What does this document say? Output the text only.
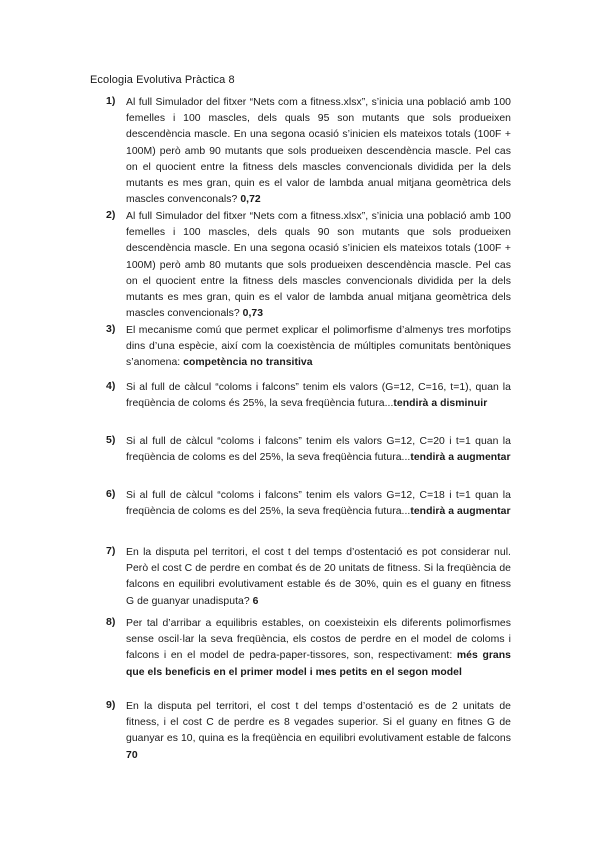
Ecologia Evolutiva Pràctica 8
1) Al full Simulador del fitxer “Nets com a fitness.xlsx”, s’inicia una població amb 100 femelles i 100 mascles, dels quals 95 son mutants que sols produeixen descendència mascle. En una segona ocasió s’inicien els mateixos totals (100F + 100M) però amb 90 mutants que sols produeixen descendència mascle. Pel cas on el quocient entre la fitness dels mascles convencionals dividida per la dels mutants es mes gran, quin es el valor de lambda anual mitjana geomètrica dels mascles convenconals? 0,72
2) Al full Simulador del fitxer “Nets com a fitness.xlsx”, s’inicia una població amb 100 femelles i 100 mascles, dels quals 90 son mutants que sols produeixen descendència mascle. En una segona ocasió s’inicien els mateixos totals (100F + 100M) però amb 80 mutants que sols produeixen descendència mascle. Pel cas on el quocient entre la fitness dels mascles convencionals dividida per la dels mutants es mes gran, quin es el valor de lambda anual mitjana geomètrica dels mascles convencionals? 0,73
3) El mecanisme comú que permet explicar el polimorfisme d’almenys tres morfotips dins d’una espècie, així com la coexistència de múltiples comunitats bentòniques s’anomena: competència no transitiva
4) Si al full de càlcul “coloms i falcons” tenim els valors (G=12, C=16, t=1), quan la freqüència de coloms és 25%, la seva freqüència futura...tendirà a disminuir
5) Si al full de càlcul “coloms i falcons” tenim els valors G=12, C=20 i t=1 quan la freqüència de coloms es del 25%, la seva freqüència futura...tendirà a augmentar
6) Si al full de càlcul “coloms i falcons” tenim els valors G=12, C=18 i t=1 quan la freqüència de coloms es del 25%, la seva freqüència futura...tendirà a augmentar
7) En la disputa pel territori, el cost t del temps d’ostentació es pot considerar nul. Però el cost C de perdre en combat és de 20 unitats de fitness. Si la freqüència de falcons en equilibri evolutivament estable és de 30%, quin es el guany en fitness G de guanyar unadisputa? 6
8) Per tal d’arribar a equilibris estables, on coexisteixin els diferents polimorfismes sense oscil·lar la seva freqüència, els costos de perdre en el model de coloms i falcons i en el model de pedra-paper-tissores, son, respectivament: més grans que els beneficis en el primer model i mes petits en el segon model
9) En la disputa pel territori, el cost t del temps d’ostentació es de 2 unitats de fitness, i el cost C de perdre es 8 vegades superior. Si el guany en fitnes G de guanyar es 10, quina es la freqüència en equilibri evolutivament estable de falcons 70
